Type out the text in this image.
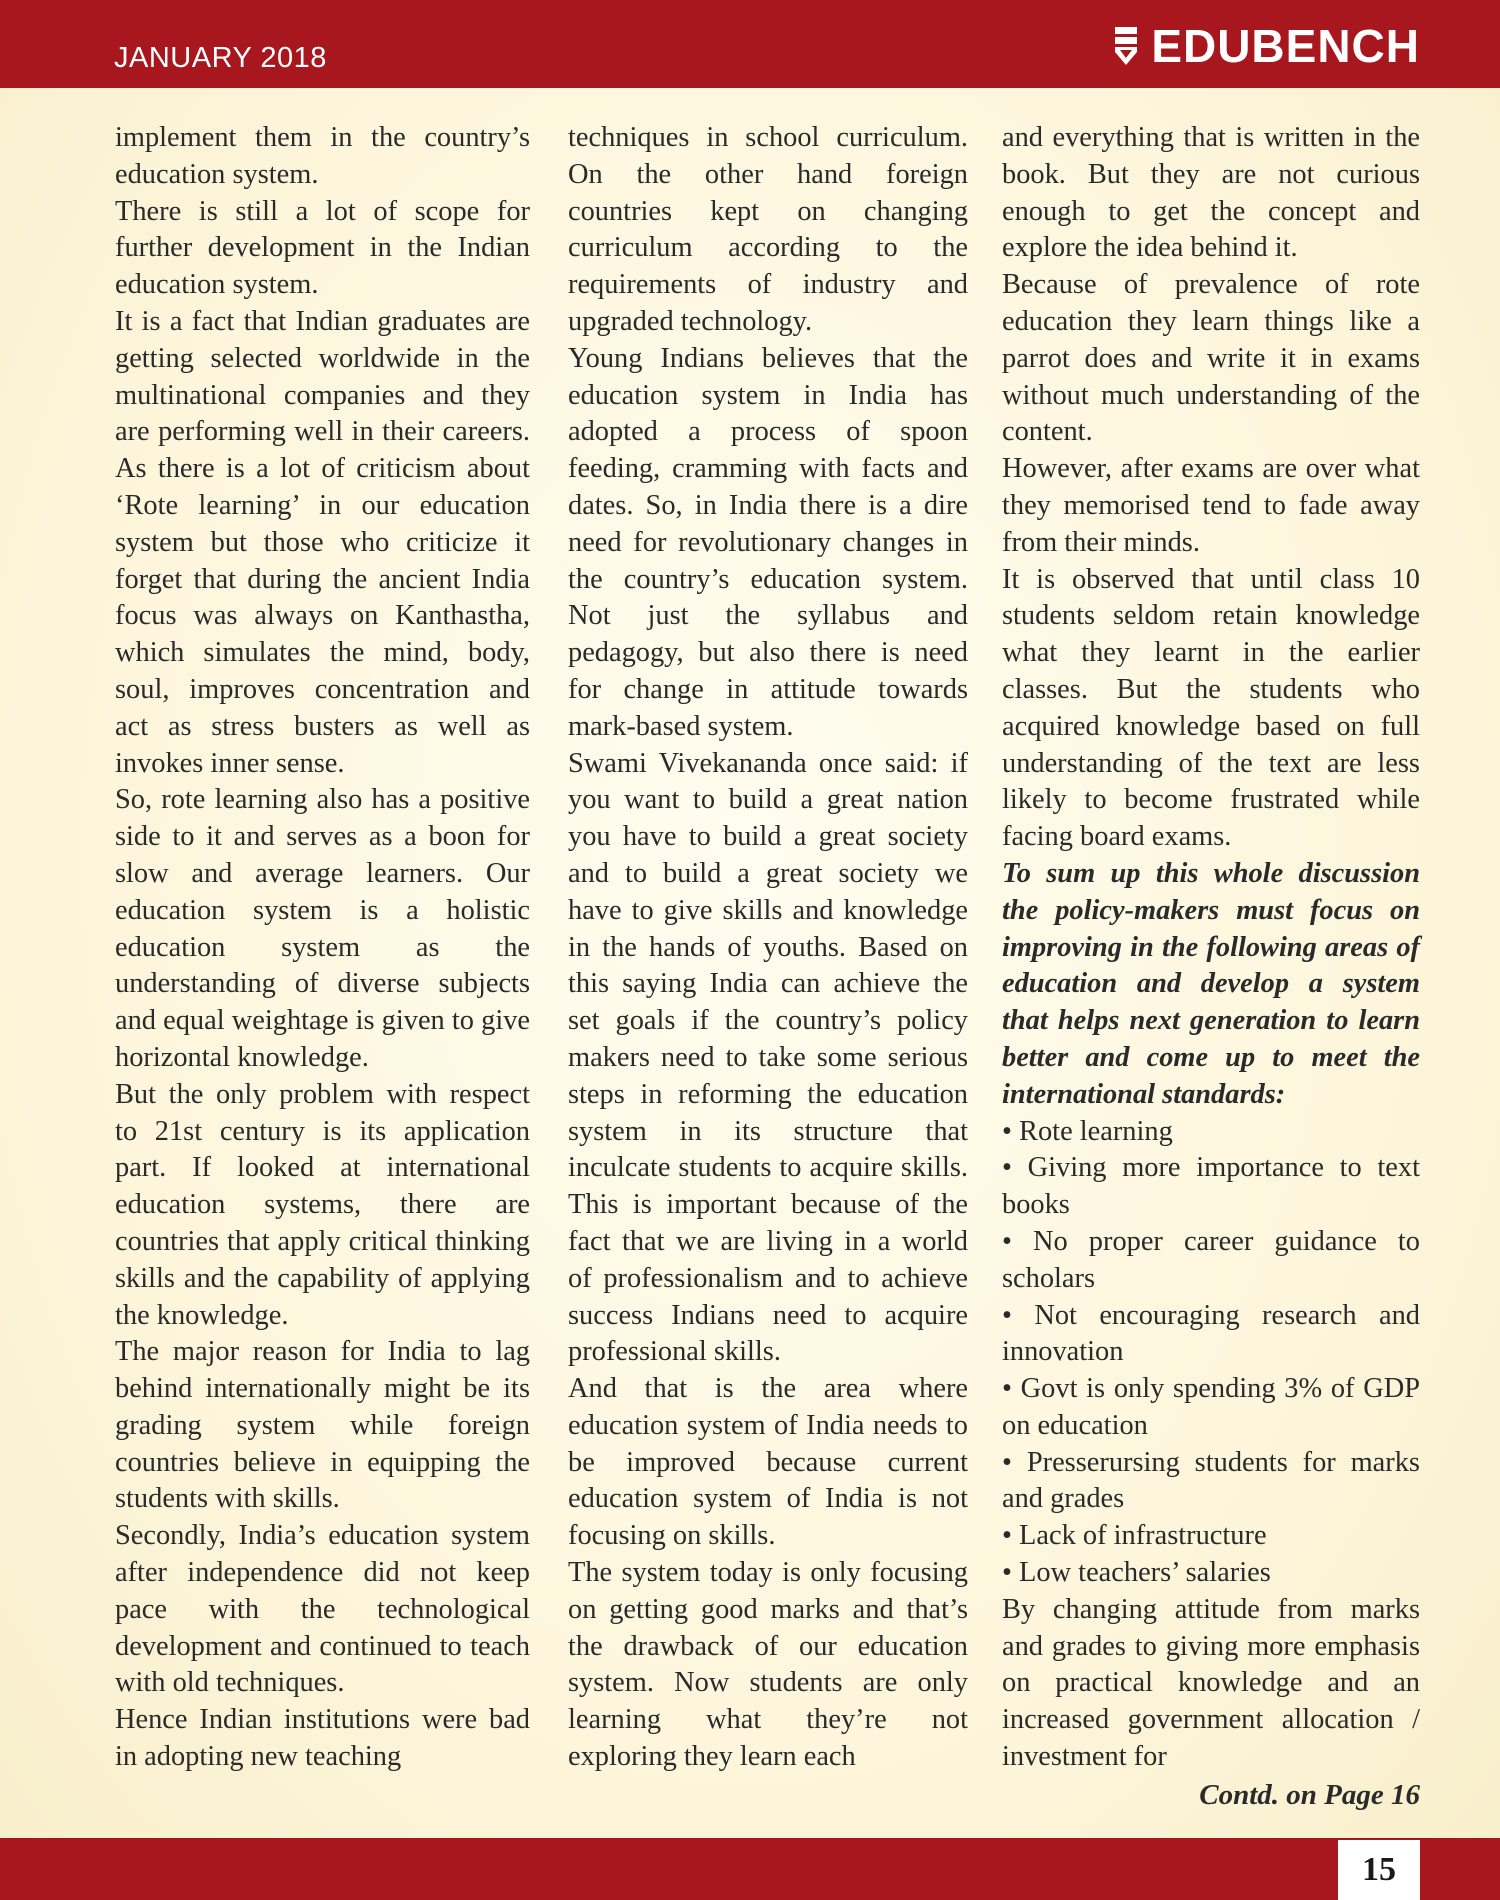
JANUARY 2018	EDUBENCH

implement them in the country’s education system.

There is still a lot of scope for further development in the Indian education system.

It is a fact that Indian graduates are getting selected worldwide in the multinational companies and they are performing well in their careers. As there is a lot of criticism about ‘Rote learning’ in our education system but those who criticize it forget that during the ancient India focus was always on Kanthastha, which simulates the mind, body, soul, improves concentration and act as stress busters as well as invokes inner sense.

So, rote learning also has a positive side to it and serves as a boon for slow and average learners. Our education system is a holistic education system as the understanding of diverse subjects and equal weightage is given to give horizontal knowledge.

But the only problem with respect to 21st century is its application part. If looked at international education systems, there are countries that apply critical thinking skills and the capability of applying the knowledge.

The major reason for India to lag behind internationally might be its grading system while foreign countries believe in equipping the students with skills.

Secondly, India’s education system after independence did not keep pace with the technological development and continued to teach with old techniques.

Hence Indian institutions were bad in adopting new teaching

techniques in school curriculum. On the other hand foreign countries kept on changing curriculum according to the requirements of industry and upgraded technology.

Young Indians believes that the education system in India has adopted a process of spoon feeding, cramming with facts and dates. So, in India there is a dire need for revolutionary changes in the country’s education system. Not just the syllabus and pedagogy, but also there is need for change in attitude towards mark-based system.

Swami Vivekananda once said: if you want to build a great nation you have to build a great society and to build a great society we have to give skills and knowledge in the hands of youths. Based on this saying India can achieve the set goals if the country’s policy makers need to take some serious steps in reforming the education system in its structure that inculcate students to acquire skills. This is important because of the fact that we are living in a world of professionalism and to achieve success Indians need to acquire professional skills.

And that is the area where education system of India needs to be improved because current education system of India is not focusing on skills.

The system today is only focusing on getting good marks and that’s the drawback of our education system. Now students are only learning what they’re not exploring they learn each

and everything that is written in the book. But they are not curious enough to get the concept and explore the idea behind it.

Because of prevalence of rote education they learn things like a parrot does and write it in exams without much understanding of the content.

However, after exams are over what they memorised tend to fade away from their minds.

It is observed that until class 10 students seldom retain knowledge what they learnt in the earlier classes. But the students who acquired knowledge based on full understanding of the text are less likely to become frustrated while facing board exams.

To sum up this whole discussion the policy-makers must focus on improving in the following areas of education and develop a system that helps next generation to learn better and come up to meet the international standards:

• Rote learning
• Giving more importance to text books
• No proper career guidance to scholars
• Not encouraging research and innovation
• Govt is only spending 3% of GDP on education
• Presserursing students for marks and grades
• Lack of infrastructure
• Low teachers’ salaries

By changing attitude from marks and grades to giving more emphasis on practical knowledge and an increased government allocation / investment for

Contd. on Page 16
15
